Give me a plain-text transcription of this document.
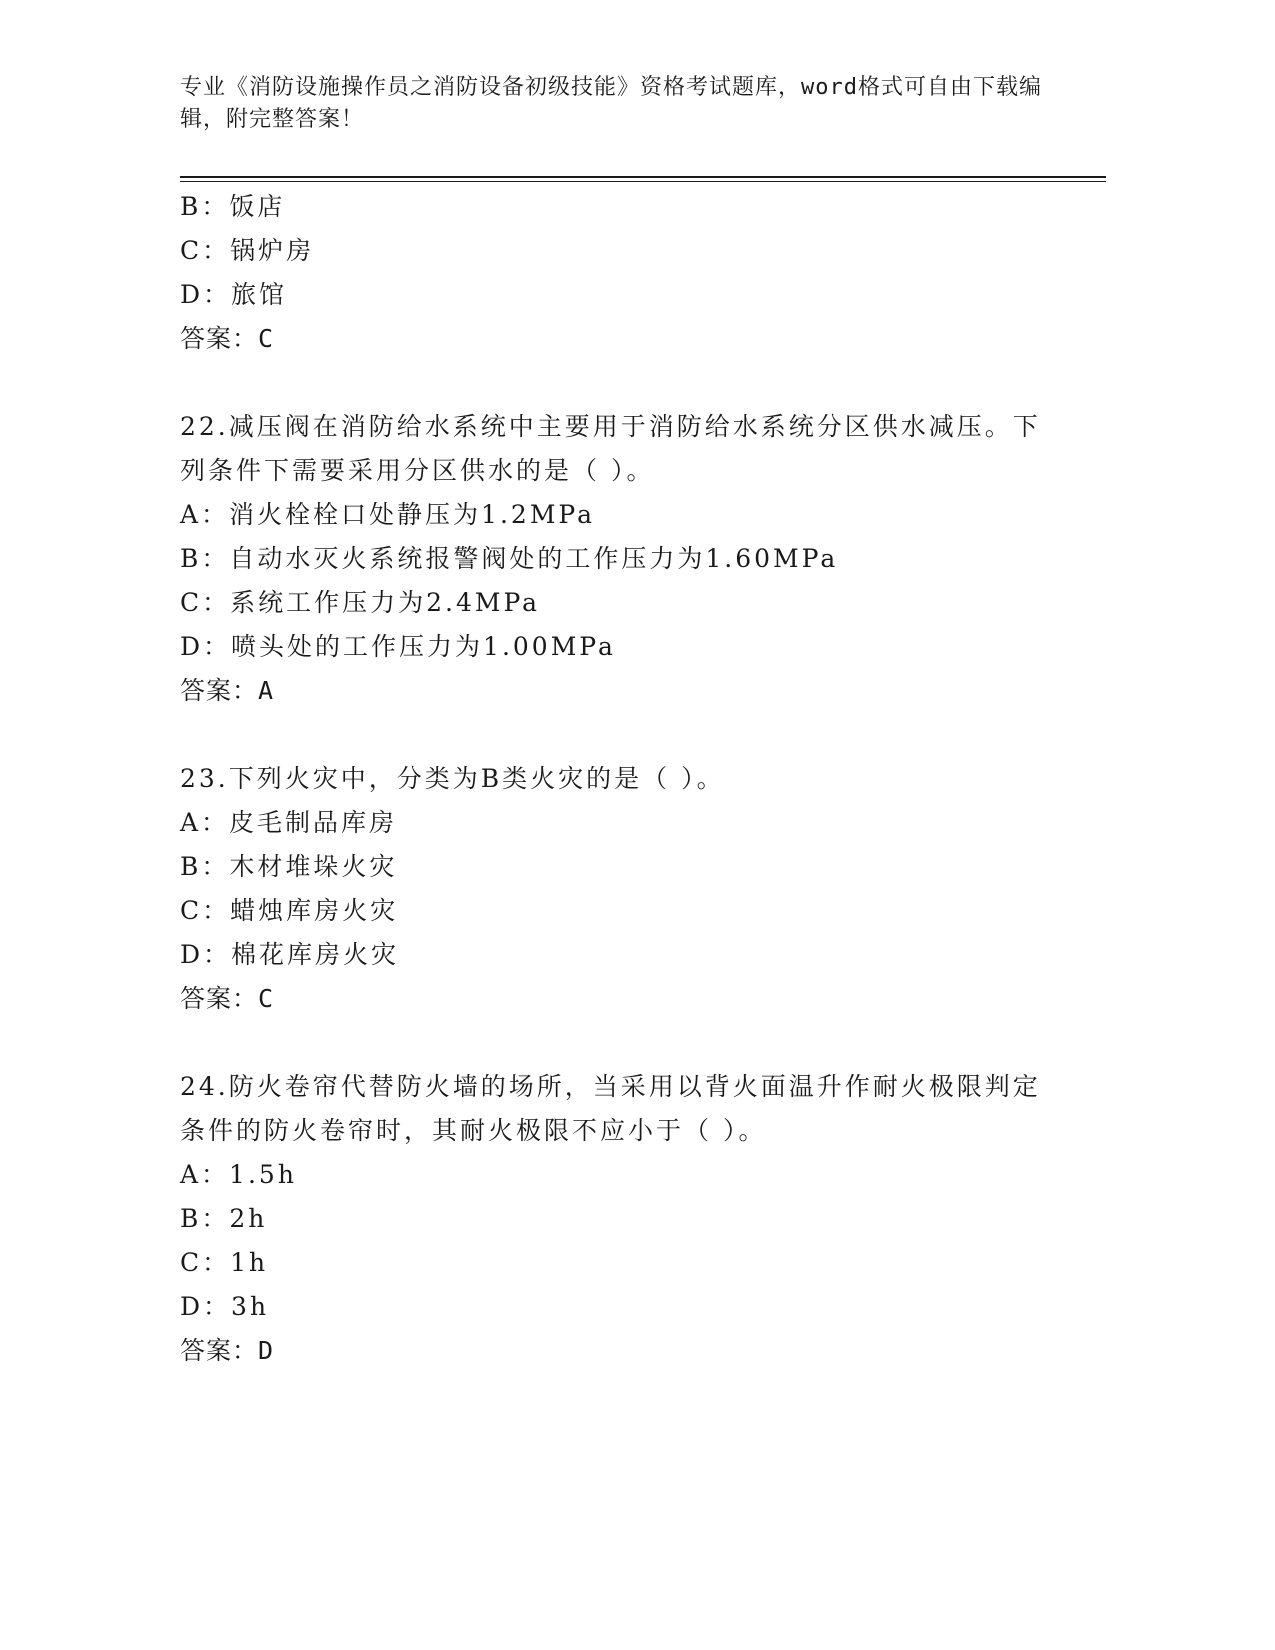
专业《消防设施操作员之消防设备初级技能》资格考试题库，word格式可自由下载编辑，附完整答案！
B：饭店
C：锅炉房
D：旅馆
答案：C
22.减压阀在消防给水系统中主要用于消防给水系统分区供水减压。下
列条件下需要采用分区供水的是（ ）。
A：消火栓栓口处静压为1.2MPa
B：自动水灭火系统报警阀处的工作压力为1.60MPa
C：系统工作压力为2.4MPa
D：喷头处的工作压力为1.00MPa
答案：A
23.下列火灾中，分类为B类火灾的是（ ）。
A：皮毛制品库房
B：木材堆垛火灾
C：蜡烛库房火灾
D：棉花库房火灾
答案：C
24.防火卷帘代替防火墙的场所，当采用以背火面温升作耐火极限判定
条件的防火卷帘时，其耐火极限不应小于（ ）。
A：1.5h
B：2h
C：1h
D：3h
答案：D
